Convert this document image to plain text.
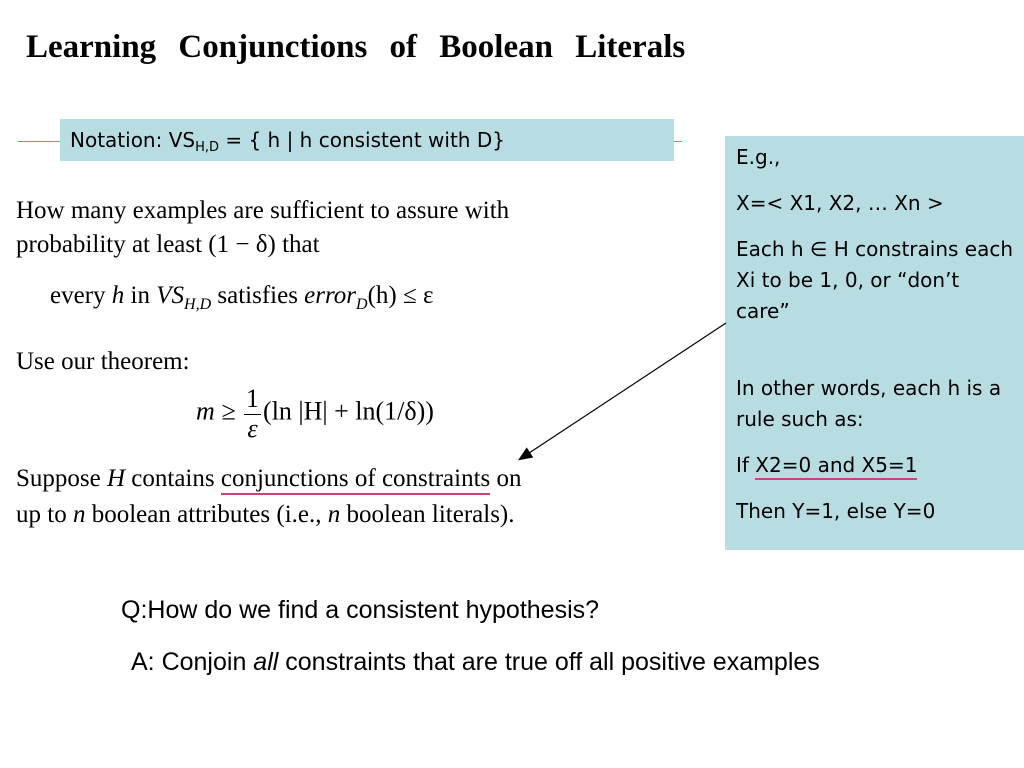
Learning Conjunctions of Boolean Literals
Notation: $VS_{H,D}$ = { h | h consistent with D}
How many examples are sufficient to assure with
probability at least (1 − δ) that
every h in $VS_{H,D}$ satisfies error$_D$(h) ≤ ε
Use our theorem:
$m \ge \frac{1}{\varepsilon} (\ln$ |H| + ln(1/δ))
Suppose H contains conjunctions of constraints on
up to n boolean attributes (i.e., n boolean literals).

E.g.,

X=< X1, X2, … Xn >

Each h ∈ H constrains each Xi to be 1, 0, or “don’t care”

In other words, each h is a rule such as:

If X2=0 and X5=1

Then Y=1, else Y=0

Q:How do we find a consistent hypothesis?
A: Conjoin all constraints that are true off all positive examples
